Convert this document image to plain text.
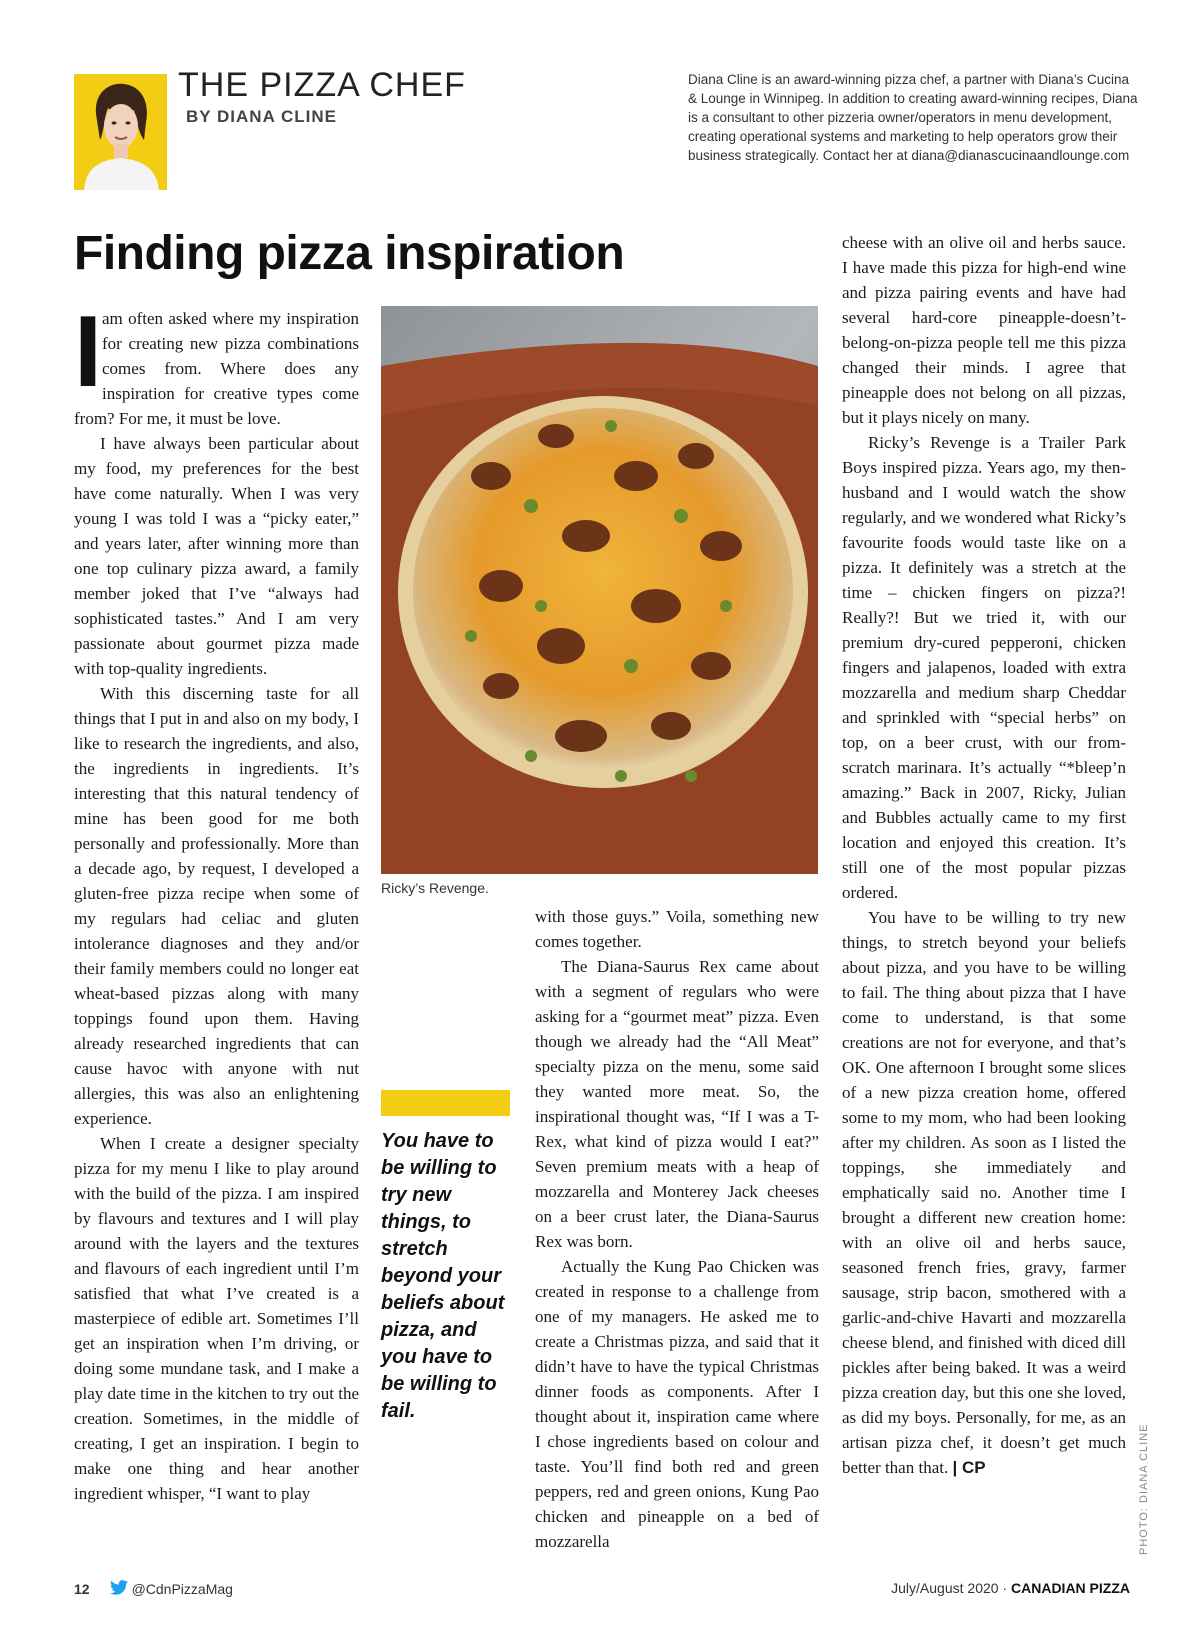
THE PIZZA CHEF
BY DIANA CLINE
Diana Cline is an award-winning pizza chef, a partner with Diana’s Cucina & Lounge in Winnipeg. In addition to creating award-winning recipes, Diana is a consultant to other pizzeria owner/operators in menu development, creating operational systems and marketing to help operators grow their business strategically. Contact her at diana@dianascucinaandlounge.com
Finding pizza inspiration
I am often asked where my inspiration for creating new pizza combinations comes from. Where does any inspiration for creative types come from? For me, it must be love.

I have always been particular about my food, my preferences for the best have come naturally. When I was very young I was told I was a “picky eater,” and years later, after winning more than one top culinary pizza award, a family member joked that I’ve “always had sophisticated tastes.” And I am very passionate about gourmet pizza made with top-quality ingredients.

With this discerning taste for all things that I put in and also on my body, I like to research the ingredients, and also, the ingredients in ingredients. It’s interesting that this natural tendency of mine has been good for me both personally and professionally. More than a decade ago, by request, I developed a gluten-free pizza recipe when some of my regulars had celiac and gluten intolerance diagnoses and they and/or their family members could no longer eat wheat-based pizzas along with many toppings found upon them. Having already researched ingredients that can cause havoc with anyone with nut allergies, this was also an enlightening experience.

When I create a designer specialty pizza for my menu I like to play around with the build of the pizza. I am inspired by flavours and textures and I will play around with the layers and the textures and flavours of each ingredient until I’m satisfied that what I’ve created is a masterpiece of edible art. Sometimes I’ll get an inspiration when I’m driving, or doing some mundane task, and I make a play date time in the kitchen to try out the creation. Sometimes, in the middle of creating, I get an inspiration. I begin to make one thing and hear another ingredient whisper, “I want to play

Ricky’s Revenge.

You have to be willing to try new things, to stretch beyond your beliefs about pizza, and you have to be willing to fail.

with those guys.” Voila, something new comes together.

The Diana-Saurus Rex came about with a segment of regulars who were asking for a “gourmet meat” pizza. Even though we already had the “All Meat” specialty pizza on the menu, some said they wanted more meat. So, the inspirational thought was, “If I was a T-Rex, what kind of pizza would I eat?” Seven premium meats with a heap of mozzarella and Monterey Jack cheeses on a beer crust later, the Diana-Saurus Rex was born.

Actually the Kung Pao Chicken was created in response to a challenge from one of my managers. He asked me to create a Christmas pizza, and said that it didn’t have to have the typical Christmas dinner foods as components. After I thought about it, inspiration came where I chose ingredients based on colour and taste. You’ll find both red and green peppers, red and green onions, Kung Pao chicken and pineapple on a bed of mozzarella

cheese with an olive oil and herbs sauce. I have made this pizza for high-end wine and pizza pairing events and have had several hard-core pineapple-doesn’t-belong-on-pizza people tell me this pizza changed their minds. I agree that pineapple does not belong on all pizzas, but it plays nicely on many.

Ricky’s Revenge is a Trailer Park Boys inspired pizza. Years ago, my then-husband and I would watch the show regularly, and we wondered what Ricky’s favourite foods would taste like on a pizza. It definitely was a stretch at the time – chicken fingers on pizza?! Really?! But we tried it, with our premium dry-cured pepperoni, chicken fingers and jalapenos, loaded with extra mozzarella and medium sharp Cheddar and sprinkled with “special herbs” on top, on a beer crust, with our from-scratch marinara. It’s actually “*bleep’n amazing.” Back in 2007, Ricky, Julian and Bubbles actually came to my first location and enjoyed this creation. It’s still one of the most popular pizzas ordered.

You have to be willing to try new things, to stretch beyond your beliefs about pizza, and you have to be willing to fail. The thing about pizza that I have come to understand, is that some creations are not for everyone, and that’s OK. One afternoon I brought some slices of a new pizza creation home, offered some to my mom, who had been looking after my children. As soon as I listed the toppings, she immediately and emphatically said no. Another time I brought a different new creation home: with an olive oil and herbs sauce, seasoned french fries, gravy, farmer sausage, strip bacon, smothered with a garlic-and-chive Havarti and mozzarella cheese blend, and finished with diced dill pickles after being baked. It was a weird pizza creation day, but this one she loved, as did my boys. Personally, for me, as an artisan pizza chef, it doesn’t get much better than that. | CP	PHOTO: DIANA CLINE
12	@CdnPizzaMag	July/August 2020 · CANADIAN PIZZA
